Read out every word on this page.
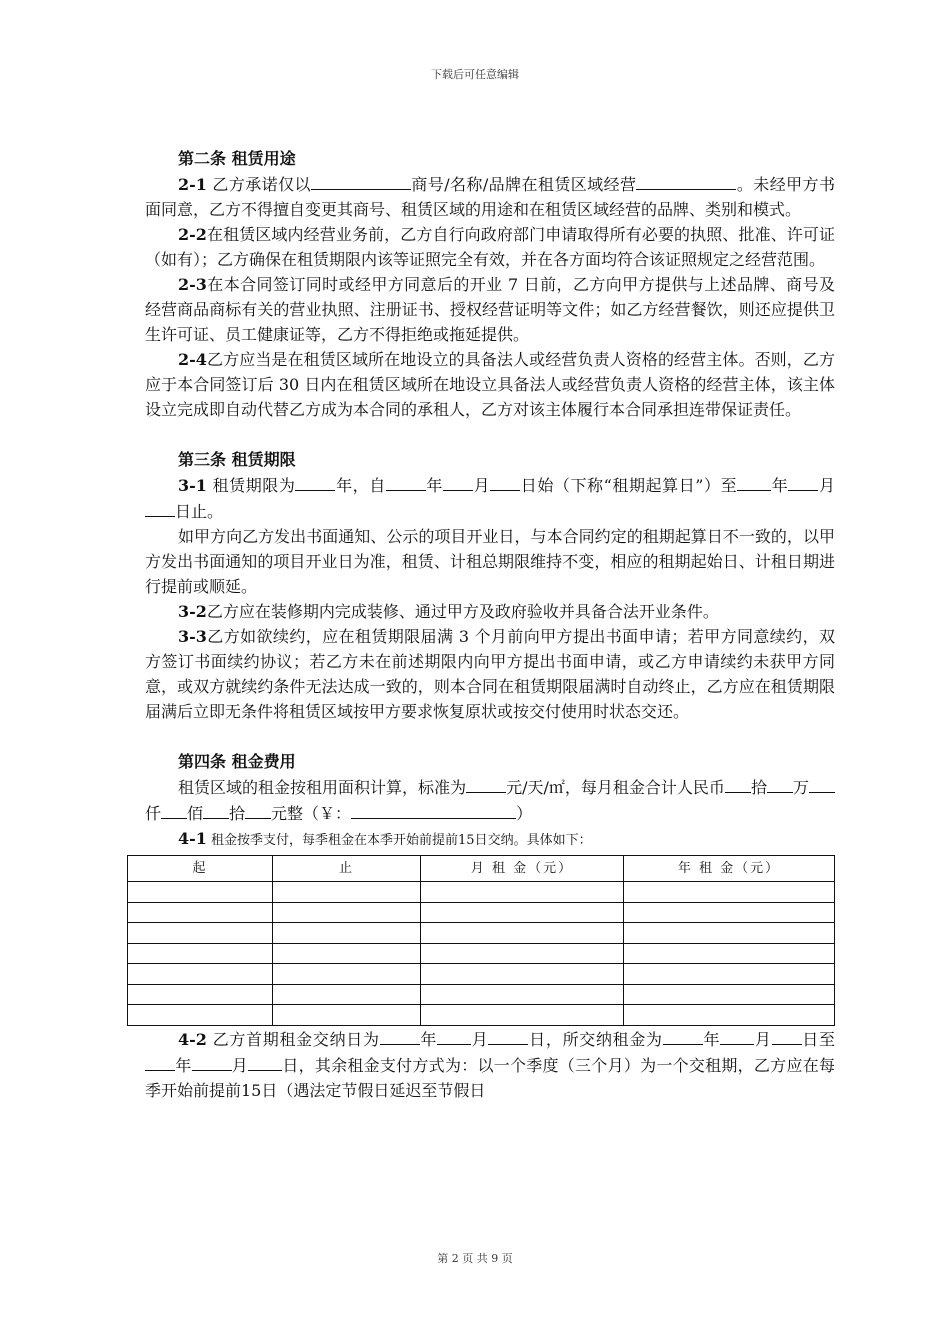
下载后可任意编辑
第二条 租赁用途

2-1 乙方承诺仅以	商号/名称/品牌在租赁区域经营	。未经甲方书面同意，乙方不得擅自变更其商号、租赁区域的用途和在租赁区域经营的品牌、类别和模式。

2-2在租赁区域内经营业务前，乙方自行向政府部门申请取得所有必要的执照、批准、许可证（如有）；乙方确保在租赁期限内该等证照完全有效，并在各方面均符合该证照规定之经营范围。

2-3在本合同签订同时或经甲方同意后的开业 7 日前，乙方向甲方提供与上述品牌、商号及经营商品商标有关的营业执照、注册证书、授权经营证明等文件；如乙方经营餐饮，则还应提供卫生许可证、员工健康证等，乙方不得拒绝或拖延提供。

2-4乙方应当是在租赁区域所在地设立的具备法人或经营负责人资格的经营主体。否则，乙方应于本合同签订后 30 日内在租赁区域所在地设立具备法人或经营负责人资格的经营主体，该主体设立完成即自动代替乙方成为本合同的承租人，乙方对该主体履行本合同承担连带保证责任。

第三条 租赁期限

3-1 租赁期限为	年，自	年 月 日始（下称“租期起算日”）至 年 月日止。

如甲方向乙方发出书面通知、公示的项目开业日，与本合同约定的租期起算日不一致的，以甲方发出书面通知的项目开业日为准，租赁、计租总期限维持不变，相应的租期起始日、计租日期进行提前或顺延。

3-2乙方应在装修期内完成装修、通过甲方及政府验收并具备合法开业条件。

3-3乙方如欲续约，应在租赁期限届满 3 个月前向甲方提出书面申请；若甲方同意续约，双方签订书面续约协议；若乙方未在前述期限内向甲方提出书面申请，或乙方申请续约未获甲方同意，或双方就续约条件无法达成一致的，则本合同在租赁期限届满时自动终止，乙方应在租赁期限届满后立即无条件将租赁区域按甲方要求恢复原状或按交付使用时状态交还。

第四条 租金费用

租赁区域的租金按租用面积计算，标准为	元/天/㎡，每月租金合计人民币 拾 万仟 佰 拾 元整（￥：	）

4-1 租金按季支付，每季租金在本季开始前提前15日交纳。具体如下：

起	止	月 租 金（元）	年 租 金（元）

4-2 乙方首期租金交纳日为	年 月	日，所交纳租金为	年 月 日至年	月 日，其余租金支付方式为：以一个季度（三个月）为一个交租期，乙方应在每季开始前提前15日（遇法定节假日延迟至节假日

第 2 页 共 9 页
